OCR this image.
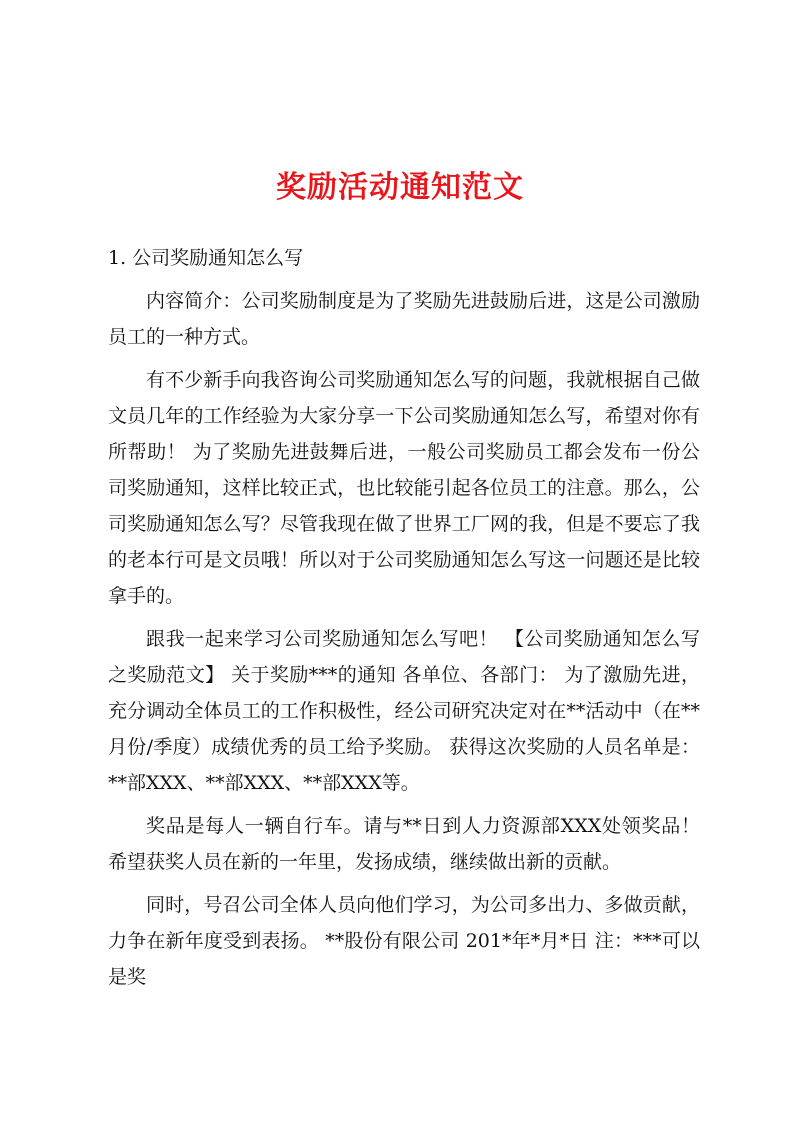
奖励活动通知范文

1. 公司奖励通知怎么写

内容简介：公司奖励制度是为了奖励先进鼓励后进，这是公司激励员工的一种方式。

有不少新手向我咨询公司奖励通知怎么写的问题，我就根据自己做文员几年的工作经验为大家分享一下公司奖励通知怎么写，希望对你有所帮助！ 为了奖励先进鼓舞后进，一般公司奖励员工都会发布一份公司奖励通知，这样比较正式，也比较能引起各位员工的注意。那么，公司奖励通知怎么写？尽管我现在做了世界工厂网的我，但是不要忘了我的老本行可是文员哦！所以对于公司奖励通知怎么写这一问题还是比较拿手的。

跟我一起来学习公司奖励通知怎么写吧！ 【公司奖励通知怎么写之奖励范文】 关于奖励***的通知 各单位、各部门： 为了激励先进，充分调动全体员工的工作积极性，经公司研究决定对在**活动中（在**月份/季度）成绩优秀的员工给予奖励。 获得这次奖励的人员名单是：**部XXX、**部XXX、**部XXX等。

奖品是每人一辆自行车。请与**日到人力资源部XXX处领奖品！ 希望获奖人员在新的一年里，发扬成绩，继续做出新的贡献。

同时，号召公司全体人员向他们学习，为公司多出力、多做贡献，力争在新年度受到表扬。 **股份有限公司 201*年*月*日 注：***可以是奖
